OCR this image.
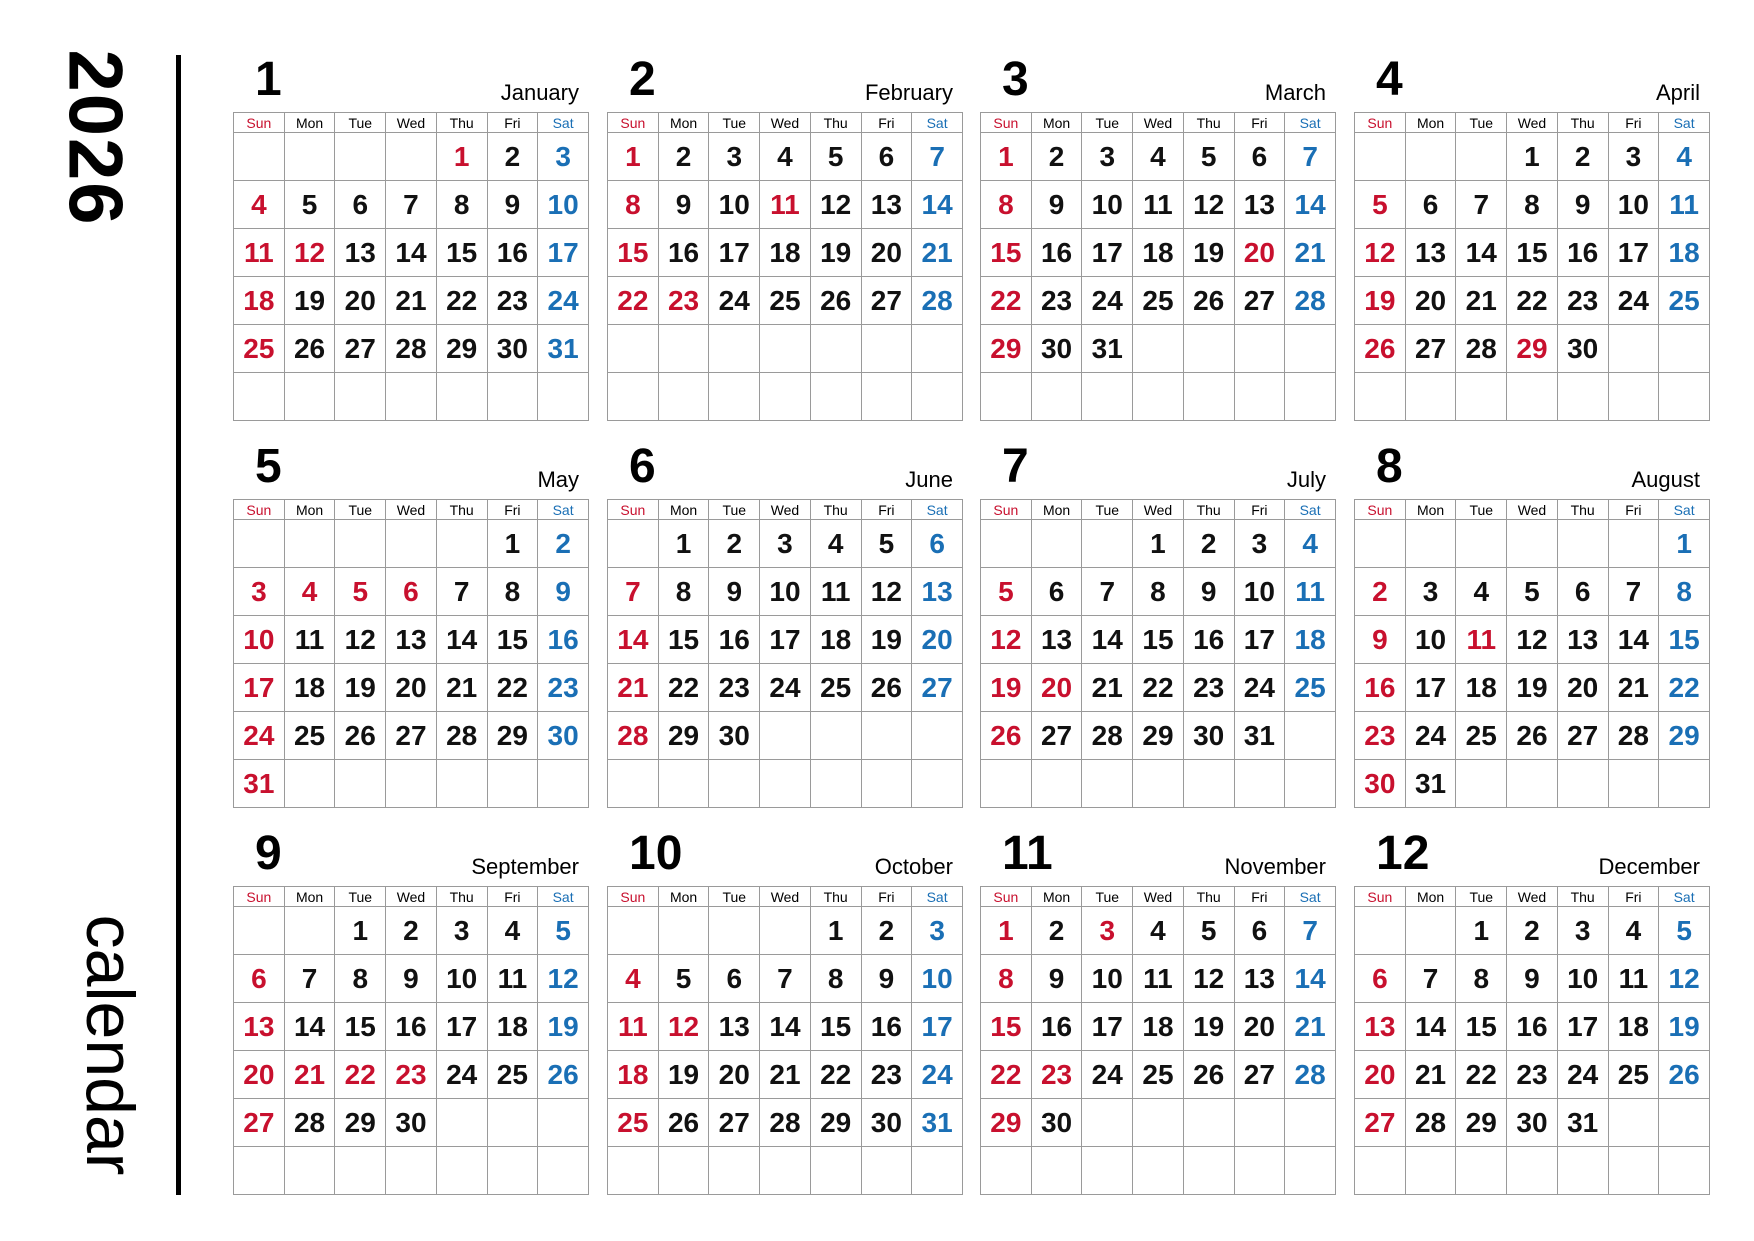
2026
calendar
1	January
Sun	Mon	Tue	Wed	Thu	Fri	Sat
				1	2	3
4	5	6	7	8	9	10
11	12	13	14	15	16	17
18	19	20	21	22	23	24
25	26	27	28	29	30	31

2	February
Sun	Mon	Tue	Wed	Thu	Fri	Sat
1	2	3	4	5	6	7
8	9	10	11	12	13	14
15	16	17	18	19	20	21
22	23	24	25	26	27	28

3	March
Sun	Mon	Tue	Wed	Thu	Fri	Sat
1	2	3	4	5	6	7
8	9	10	11	12	13	14
15	16	17	18	19	20	21
22	23	24	25	26	27	28
29	30	31				

4	April
Sun	Mon	Tue	Wed	Thu	Fri	Sat
			1	2	3	4
5	6	7	8	9	10	11
12	13	14	15	16	17	18
19	20	21	22	23	24	25
26	27	28	29	30		

5	May
Sun	Mon	Tue	Wed	Thu	Fri	Sat
					1	2
3	4	5	6	7	8	9
10	11	12	13	14	15	16
17	18	19	20	21	22	23
24	25	26	27	28	29	30
31						
6	June
Sun	Mon	Tue	Wed	Thu	Fri	Sat
	1	2	3	4	5	6
7	8	9	10	11	12	13
14	15	16	17	18	19	20
21	22	23	24	25	26	27
28	29	30				

7	July
Sun	Mon	Tue	Wed	Thu	Fri	Sat
			1	2	3	4
5	6	7	8	9	10	11
12	13	14	15	16	17	18
19	20	21	22	23	24	25
26	27	28	29	30	31	

8	August
Sun	Mon	Tue	Wed	Thu	Fri	Sat
						1
2	3	4	5	6	7	8
9	10	11	12	13	14	15
16	17	18	19	20	21	22
23	24	25	26	27	28	29
30	31					
9	September
Sun	Mon	Tue	Wed	Thu	Fri	Sat
		1	2	3	4	5
6	7	8	9	10	11	12
13	14	15	16	17	18	19
20	21	22	23	24	25	26
27	28	29	30			

10	October
Sun	Mon	Tue	Wed	Thu	Fri	Sat
				1	2	3
4	5	6	7	8	9	10
11	12	13	14	15	16	17
18	19	20	21	22	23	24
25	26	27	28	29	30	31

11	November
Sun	Mon	Tue	Wed	Thu	Fri	Sat
1	2	3	4	5	6	7
8	9	10	11	12	13	14
15	16	17	18	19	20	21
22	23	24	25	26	27	28
29	30					

12	December
Sun	Mon	Tue	Wed	Thu	Fri	Sat
		1	2	3	4	5
6	7	8	9	10	11	12
13	14	15	16	17	18	19
20	21	22	23	24	25	26
27	28	29	30	31		
